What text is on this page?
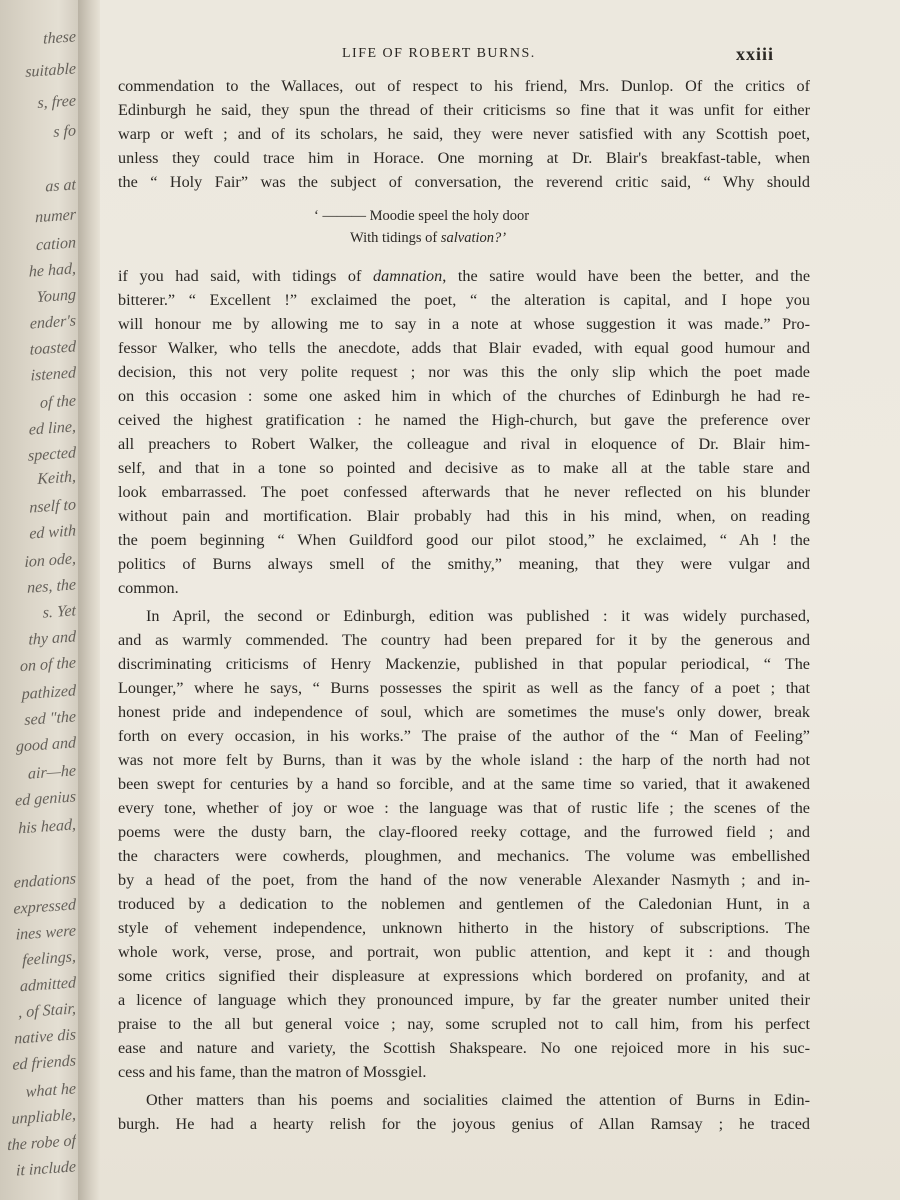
these
suitable
s, free
s fo
as at
numer
cation
he had,
Young
ender's
toasted
istened
of the
ed line,
spected
Keith,
nself to
ed with
ion ode,
nes, the
s. Yet
thy and
on of the
pathized
sed "the
good and
air—he
ed genius
his head,
endations
expressed
ines were
feelings,
admitted
, of Stair,
native dis
ed friends
what he
unpliable,
the robe of
it include
LIFE OF ROBERT BURNS.	xxiii
commendation to the Wallaces, out of respect to his friend, Mrs. Dunlop. Of the critics of
Edinburgh he said, they spun the thread of their criticisms so fine that it was unfit for either
warp or weft ; and of its scholars, he said, they were never satisfied with any Scottish poet,
unless they could trace him in Horace. One morning at Dr. Blair's breakfast-table, when
the “ Holy Fair” was the subject of conversation, the reverend critic said, “ Why should
‘ ——— Moodie speel the holy door
With tidings of salvation?’
if you had said, with tidings of damnation, the satire would have been the better, and the
bitterer.” “ Excellent !” exclaimed the poet, “ the alteration is capital, and I hope you
will honour me by allowing me to say in a note at whose suggestion it was made.” Pro-
fessor Walker, who tells the anecdote, adds that Blair evaded, with equal good humour and
decision, this not very polite request ; nor was this the only slip which the poet made
on this occasion : some one asked him in which of the churches of Edinburgh he had re-
ceived the highest gratification : he named the High-church, but gave the preference over
all preachers to Robert Walker, the colleague and rival in eloquence of Dr. Blair him-
self, and that in a tone so pointed and decisive as to make all at the table stare and
look embarrassed. The poet confessed afterwards that he never reflected on his blunder
without pain and mortification. Blair probably had this in his mind, when, on reading
the poem beginning “ When Guildford good our pilot stood,” he exclaimed, “ Ah ! the
politics of Burns always smell of the smithy,” meaning, that they were vulgar and
common.
In April, the second or Edinburgh, edition was published : it was widely purchased,
and as warmly commended. The country had been prepared for it by the generous and
discriminating criticisms of Henry Mackenzie, published in that popular periodical, “ The
Lounger,” where he says, “ Burns possesses the spirit as well as the fancy of a poet ; that
honest pride and independence of soul, which are sometimes the muse's only dower, break
forth on every occasion, in his works.” The praise of the author of the “ Man of Feeling”
was not more felt by Burns, than it was by the whole island : the harp of the north had not
been swept for centuries by a hand so forcible, and at the same time so varied, that it awakened
every tone, whether of joy or woe : the language was that of rustic life ; the scenes of the
poems were the dusty barn, the clay-floored reeky cottage, and the furrowed field ; and
the characters were cowherds, ploughmen, and mechanics. The volume was embellished
by a head of the poet, from the hand of the now venerable Alexander Nasmyth ; and in-
troduced by a dedication to the noblemen and gentlemen of the Caledonian Hunt, in a
style of vehement independence, unknown hitherto in the history of subscriptions. The
whole work, verse, prose, and portrait, won public attention, and kept it : and though
some critics signified their displeasure at expressions which bordered on profanity, and at
a licence of language which they pronounced impure, by far the greater number united their
praise to the all but general voice ; nay, some scrupled not to call him, from his perfect
ease and nature and variety, the Scottish Shakspeare. No one rejoiced more in his suc-
cess and his fame, than the matron of Mossgiel.
Other matters than his poems and socialities claimed the attention of Burns in Edin-
burgh. He had a hearty relish for the joyous genius of Allan Ramsay ; he traced
